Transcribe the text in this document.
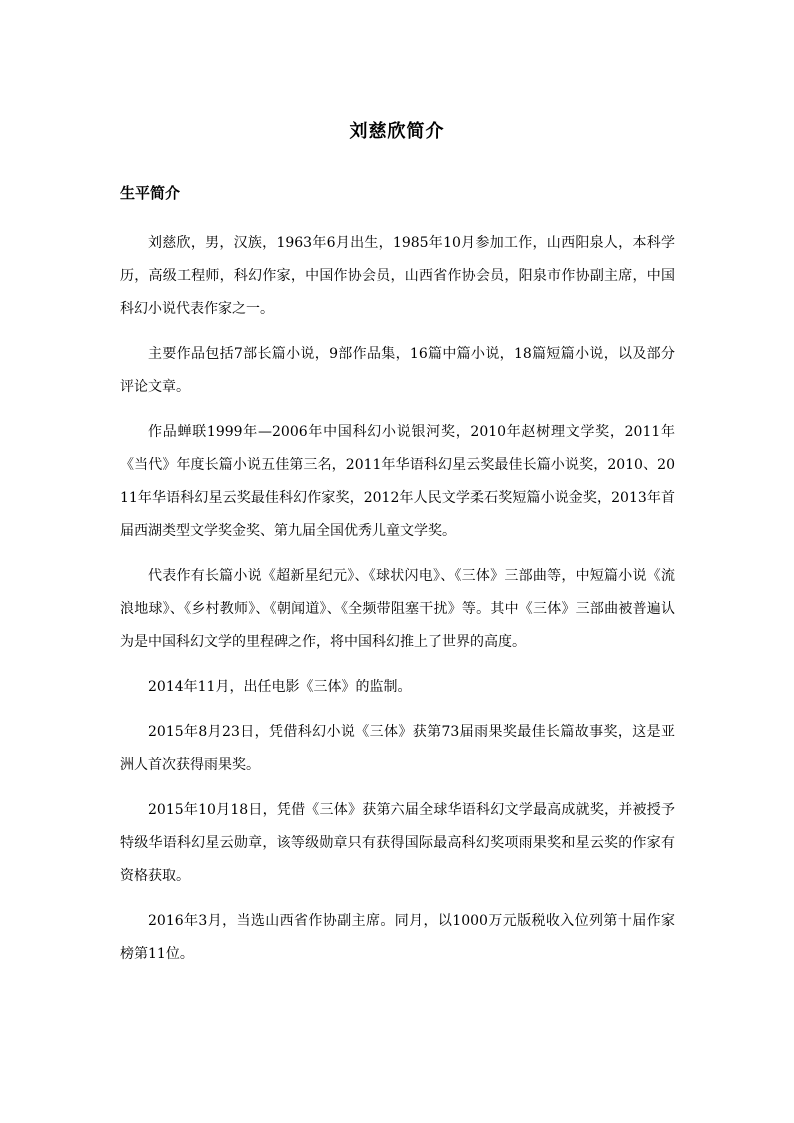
刘慈欣简介
生平简介

刘慈欣，男，汉族，1963年6月出生，1985年10月参加工作，山西阳泉人，本科学历，高级工程师，科幻作家，中国作协会员，山西省作协会员，阳泉市作协副主席，中国科幻小说代表作家之一。

主要作品包括7部长篇小说，9部作品集，16篇中篇小说，18篇短篇小说，以及部分评论文章。

作品蝉联1999年—2006年中国科幻小说银河奖，2010年赵树理文学奖，2011年《当代》年度长篇小说五佳第三名，2011年华语科幻星云奖最佳长篇小说奖，2010、2011年华语科幻星云奖最佳科幻作家奖，2012年人民文学柔石奖短篇小说金奖，2013年首届西湖类型文学奖金奖、第九届全国优秀儿童文学奖。

代表作有长篇小说《超新星纪元》、《球状闪电》、《三体》三部曲等，中短篇小说《流浪地球》、《乡村教师》、《朝闻道》、《全频带阻塞干扰》等。其中《三体》三部曲被普遍认为是中国科幻文学的里程碑之作，将中国科幻推上了世界的高度。

2014年11月，出任电影《三体》的监制。

2015年8月23日，凭借科幻小说《三体》获第73届雨果奖最佳长篇故事奖，这是亚洲人首次获得雨果奖。

2015年10月18日，凭借《三体》获第六届全球华语科幻文学最高成就奖，并被授予特级华语科幻星云勋章，该等级勋章只有获得国际最高科幻奖项雨果奖和星云奖的作家有资格获取。

2016年3月，当选山西省作协副主席。同月，以1000万元版税收入位列第十届作家榜第11位。
